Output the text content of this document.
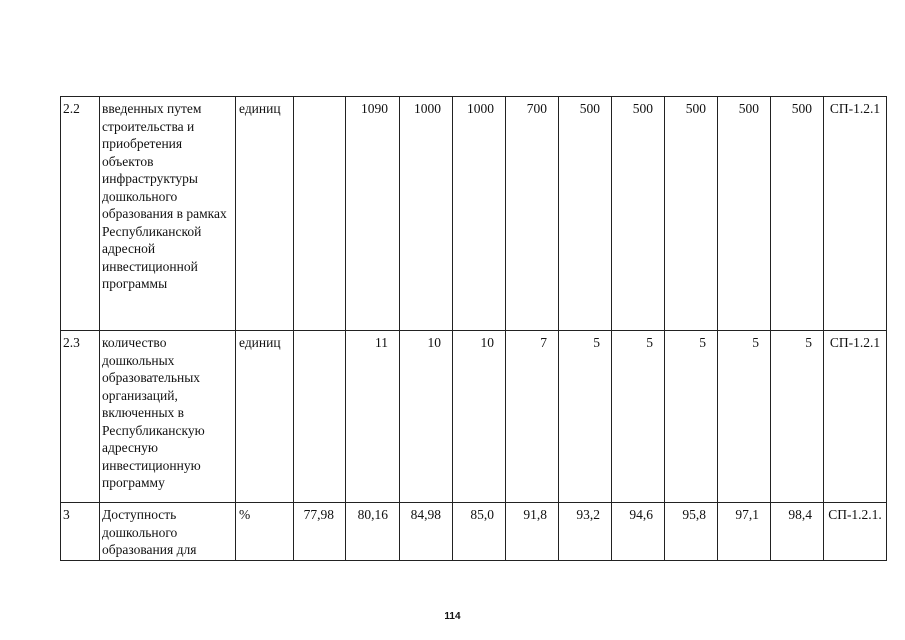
2.2	введенных путем строительства и приобретения объектов инфраструктуры дошкольного образования в рамках Республиканской адресной инвестиционной программы	единиц		1090	1000	1000	700	500	500	500	500	500	СП-1.2.1
2.3	количество дошкольных образовательных организаций, включенных в Республиканскую адресную инвестиционную программу	единиц		11	10	10	7	5	5	5	5	5	СП-1.2.1
3	Доступность дошкольного образования для	%	77,98	80,16	84,98	85,0	91,8	93,2	94,6	95,8	97,1	98,4	СП-1.2.1.
114
